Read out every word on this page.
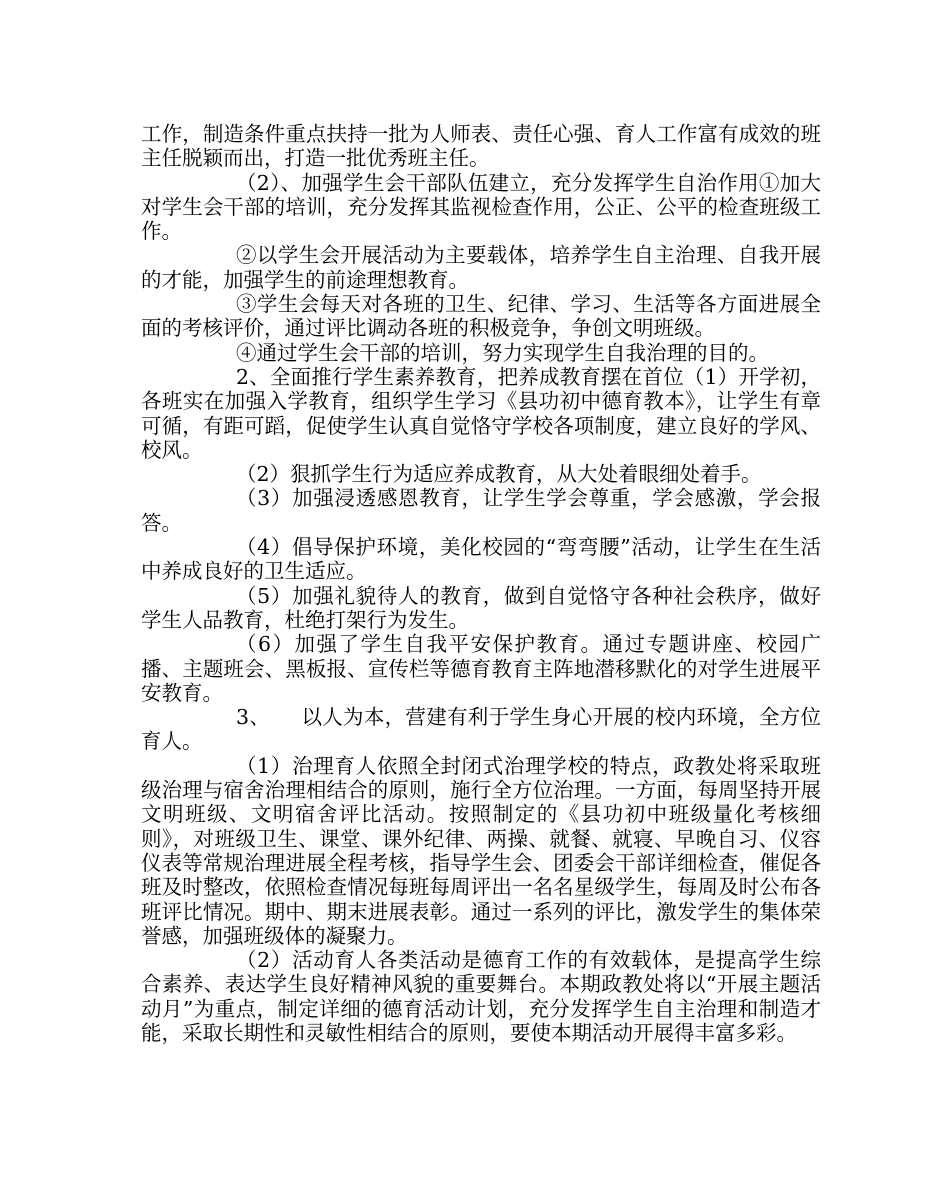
工作，制造条件重点扶持一批为人师表、责任心强、育人工作富有成效的班主任脱颖而出，打造一批优秀班主任。

（2）、加强学生会干部队伍建立，充分发挥学生自治作用①加大对学生会干部的培训，充分发挥其监视检查作用，公正、公平的检查班级工作。

②以学生会开展活动为主要载体，培养学生自主治理、自我开展的才能，加强学生的前途理想教育。

③学生会每天对各班的卫生、纪律、学习、生活等各方面进展全面的考核评价，通过评比调动各班的积极竞争，争创文明班级。

④通过学生会干部的培训，努力实现学生自我治理的目的。

2、全面推行学生素养教育，把养成教育摆在首位（1）开学初，各班实在加强入学教育，组织学生学习《县功初中德育教本》，让学生有章可循，有距可蹈，促使学生认真自觉恪守学校各项制度，建立良好的学风、校风。

（2）狠抓学生行为适应养成教育，从大处着眼细处着手。

（3）加强浸透感恩教育，让学生学会尊重，学会感激，学会报答。

（4）倡导保护环境，美化校园的“弯弯腰”活动，让学生在生活中养成良好的卫生适应。

（5）加强礼貌待人的教育，做到自觉恪守各种社会秩序，做好学生人品教育，杜绝打架行为发生。

（6）加强了学生自我平安保护教育。通过专题讲座、校园广播、主题班会、黑板报、宣传栏等德育教育主阵地潜移默化的对学生进展平安教育。

3、　　以人为本，营建有利于学生身心开展的校内环境，全方位育人。

（1）治理育人依照全封闭式治理学校的特点，政教处将采取班级治理与宿舍治理相结合的原则，施行全方位治理。一方面，每周坚持开展文明班级、文明宿舍评比活动。按照制定的《县功初中班级量化考核细则》，对班级卫生、课堂、课外纪律、两操、就餐、就寝、早晚自习、仪容仪表等常规治理进展全程考核，指导学生会、团委会干部详细检查，催促各班及时整改，依照检查情况每班每周评出一名名星级学生，每周及时公布各班评比情况。期中、期末进展表彰。通过一系列的评比，激发学生的集体荣誉感，加强班级体的凝聚力。

（2）活动育人各类活动是德育工作的有效载体，是提高学生综合素养、表达学生良好精神风貌的重要舞台。本期政教处将以“开展主题活动月”为重点，制定详细的德育活动计划，充分发挥学生自主治理和制造才能，采取长期性和灵敏性相结合的原则，要使本期活动开展得丰富多彩。
